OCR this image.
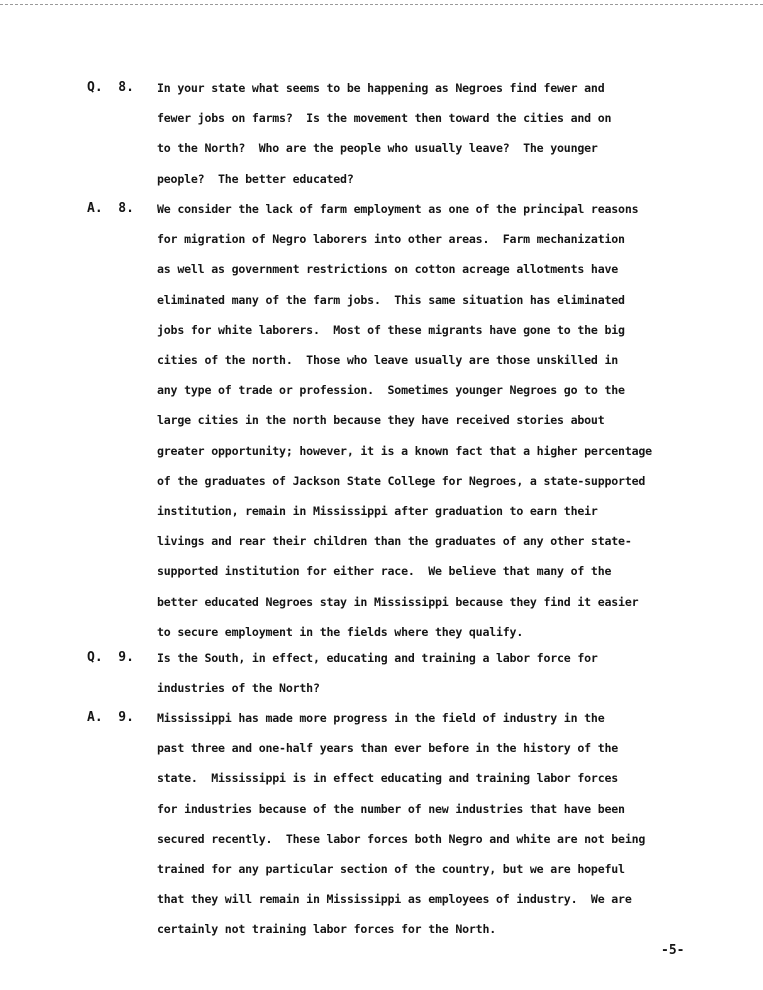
Q.  8.	In your state what seems to be happening as Negroes find fewer and
fewer jobs on farms?  Is the movement then toward the cities and on
to the North?  Who are the people who usually leave?  The younger
people?  The better educated?
A.  8.	We consider the lack of farm employment as one of the principal reasons
for migration of Negro laborers into other areas.  Farm mechanization
as well as government restrictions on cotton acreage allotments have
eliminated many of the farm jobs.  This same situation has eliminated
jobs for white laborers.  Most of these migrants have gone to the big
cities of the north.  Those who leave usually are those unskilled in
any type of trade or profession.  Sometimes younger Negroes go to the
large cities in the north because they have received stories about
greater opportunity; however, it is a known fact that a higher percentage
of the graduates of Jackson State College for Negroes, a state-supported
institution, remain in Mississippi after graduation to earn their
livings and rear their children than the graduates of any other state-
supported institution for either race.  We believe that many of the
better educated Negroes stay in Mississippi because they find it easier
to secure employment in the fields where they qualify.
Q.  9.	Is the South, in effect, educating and training a labor force for
industries of the North?
A.  9.	Mississippi has made more progress in the field of industry in the
past three and one-half years than ever before in the history of the
state.  Mississippi is in effect educating and training labor forces
for industries because of the number of new industries that have been
secured recently.  These labor forces both Negro and white are not being
trained for any particular section of the country, but we are hopeful
that they will remain in Mississippi as employees of industry.  We are
certainly not training labor forces for the North.
-5-
